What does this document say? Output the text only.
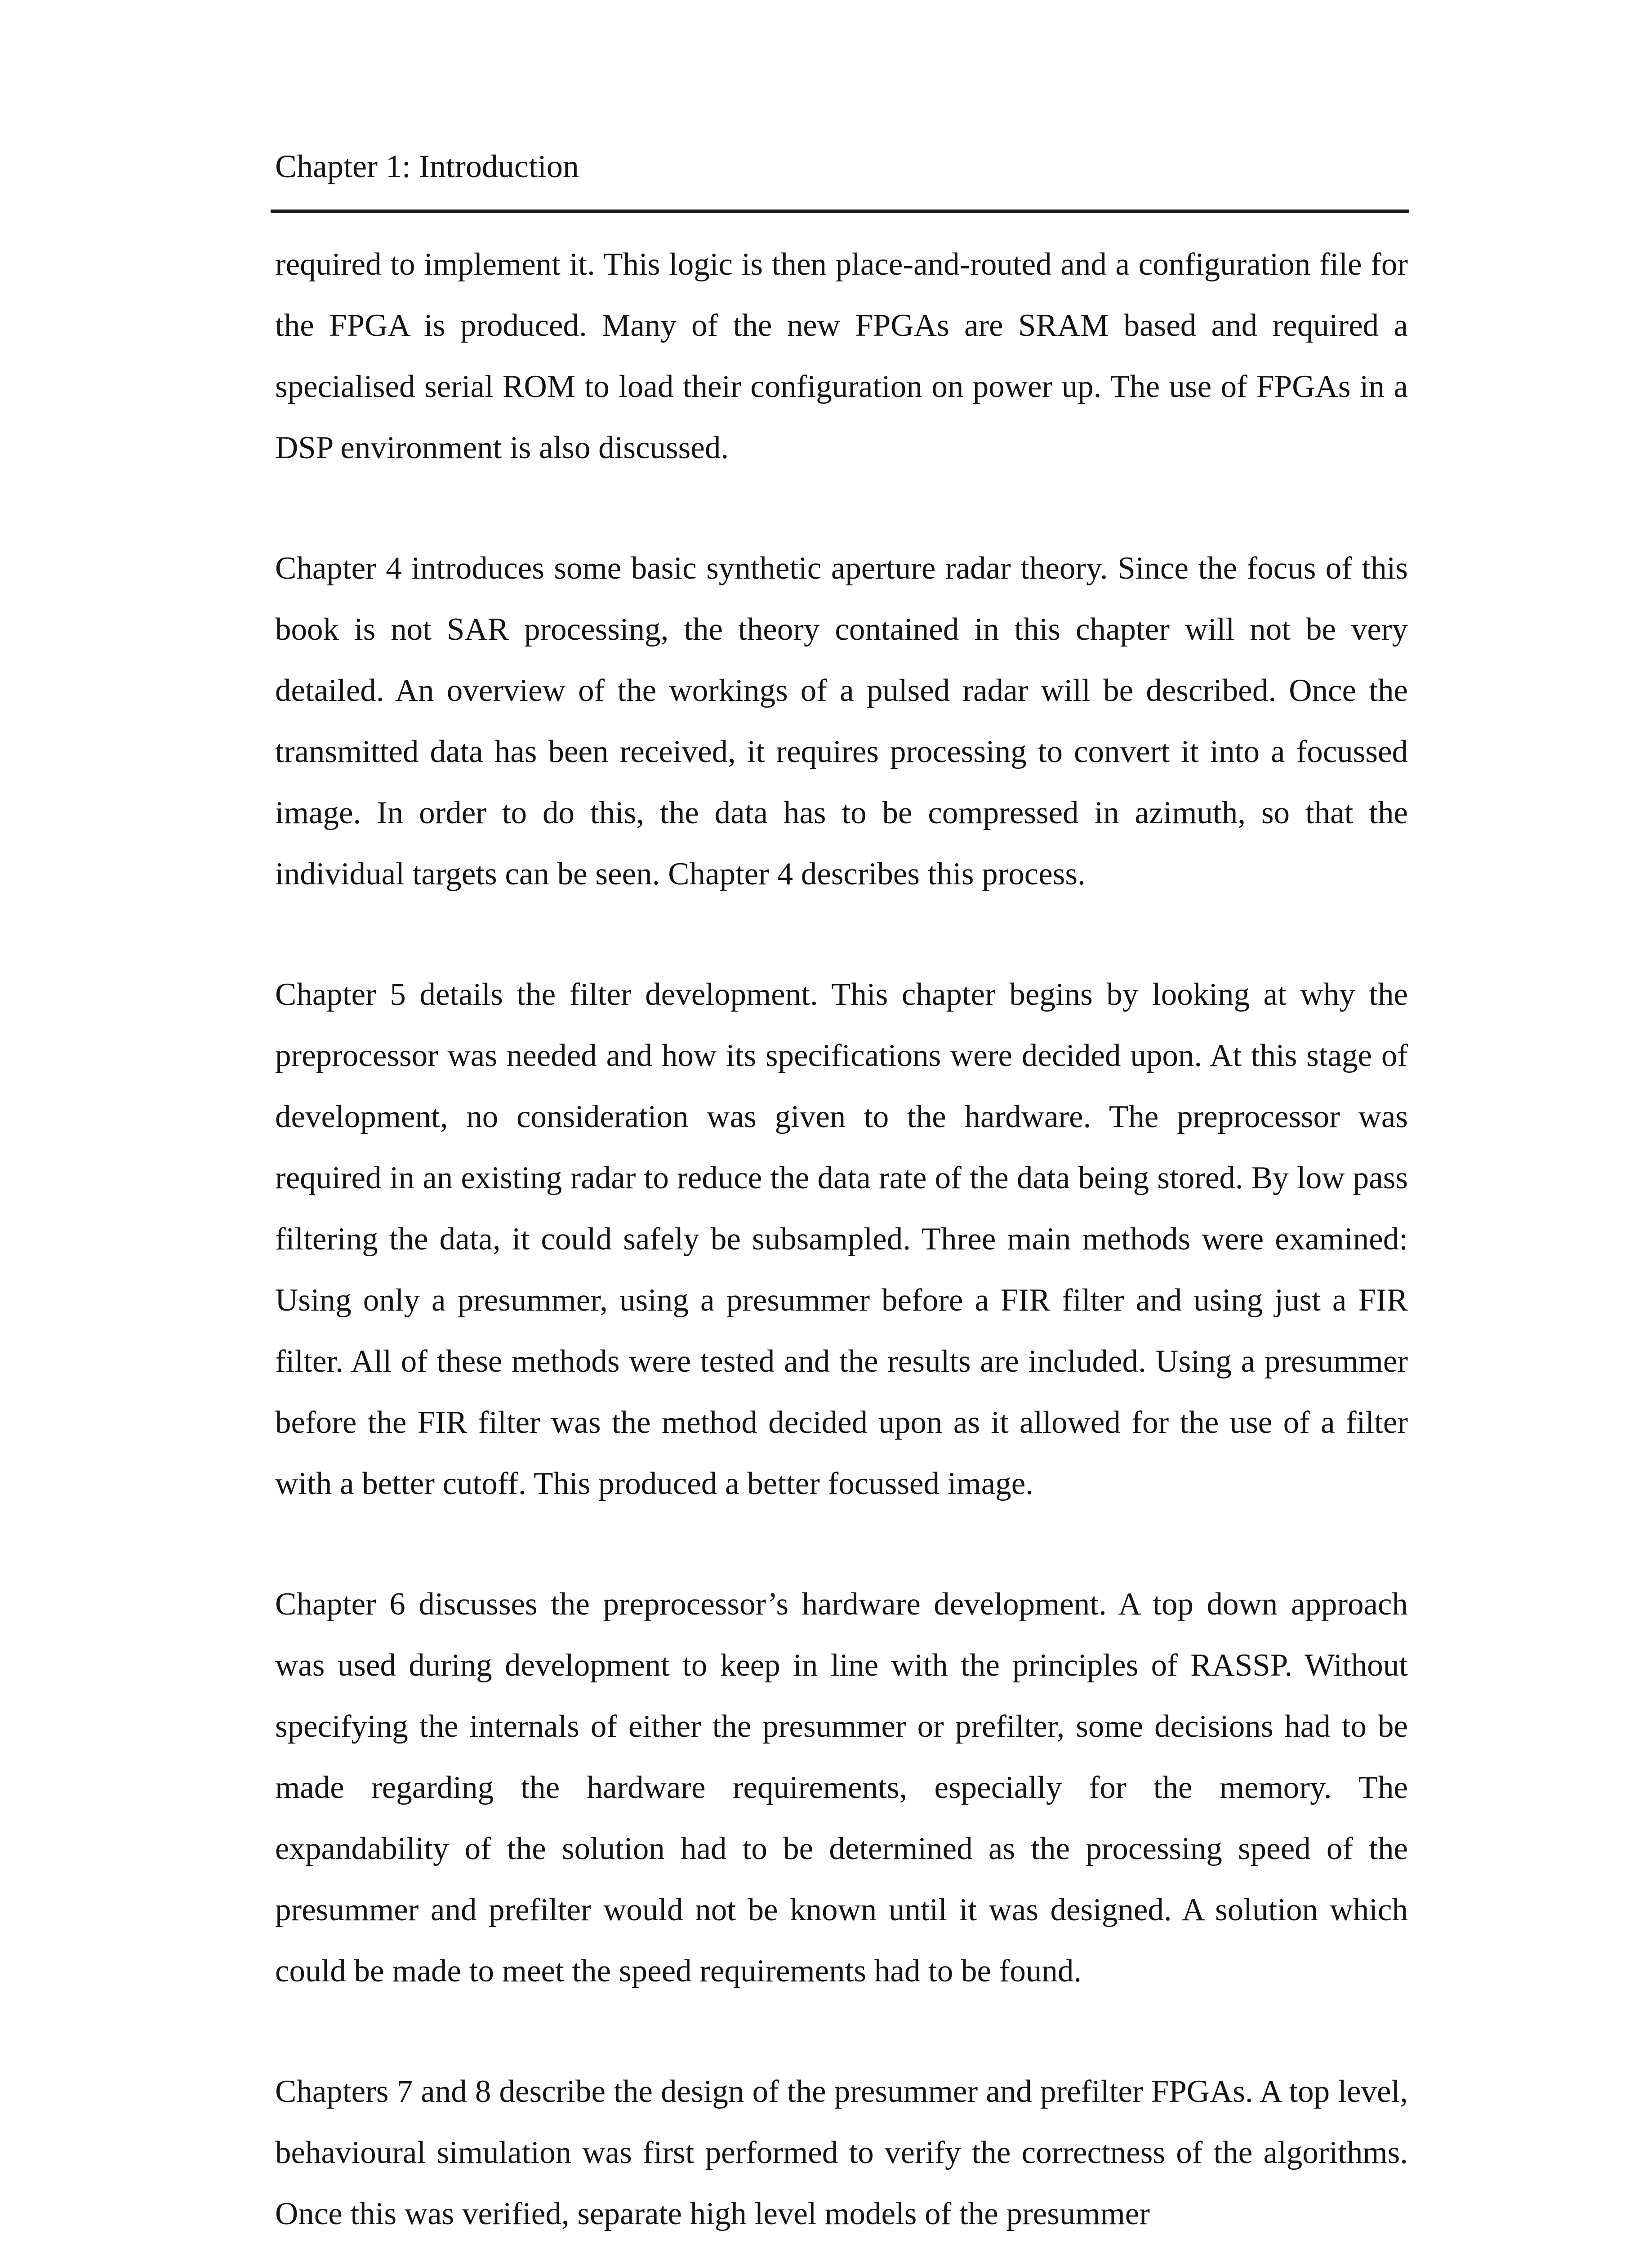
Chapter 1: Introduction

required to implement it. This logic is then place-and-routed and a configuration file for the FPGA is produced. Many of the new FPGAs are SRAM based and required a specialised serial ROM to load their configuration on power up. The use of FPGAs in a DSP environment is also discussed.

Chapter 4 introduces some basic synthetic aperture radar theory. Since the focus of this book is not SAR processing, the theory contained in this chapter will not be very detailed. An overview of the workings of a pulsed radar will be described. Once the transmitted data has been received, it requires processing to convert it into a focussed image. In order to do this, the data has to be compressed in azimuth, so that the individual targets can be seen. Chapter 4 describes this process.

Chapter 5 details the filter development. This chapter begins by looking at why the preprocessor was needed and how its specifications were decided upon. At this stage of development, no consideration was given to the hardware. The preprocessor was required in an existing radar to reduce the data rate of the data being stored. By low pass filtering the data, it could safely be subsampled. Three main methods were examined: Using only a presummer, using a presummer before a FIR filter and using just a FIR filter. All of these methods were tested and the results are included. Using a presummer before the FIR filter was the method decided upon as it allowed for the use of a filter with a better cutoff. This produced a better focussed image.

Chapter 6 discusses the preprocessor’s hardware development. A top down approach was used during development to keep in line with the principles of RASSP. Without specifying the internals of either the presummer or prefilter, some decisions had to be made regarding the hardware requirements, especially for the memory. The expandability of the solution had to be determined as the processing speed of the presummer and prefilter would not be known until it was designed. A solution which could be made to meet the speed requirements had to be found.

Chapters 7 and 8 describe the design of the presummer and prefilter FPGAs. A top level, behavioural simulation was first performed to verify the correctness of the algorithms. Once this was verified, separate high level models of the presummer
